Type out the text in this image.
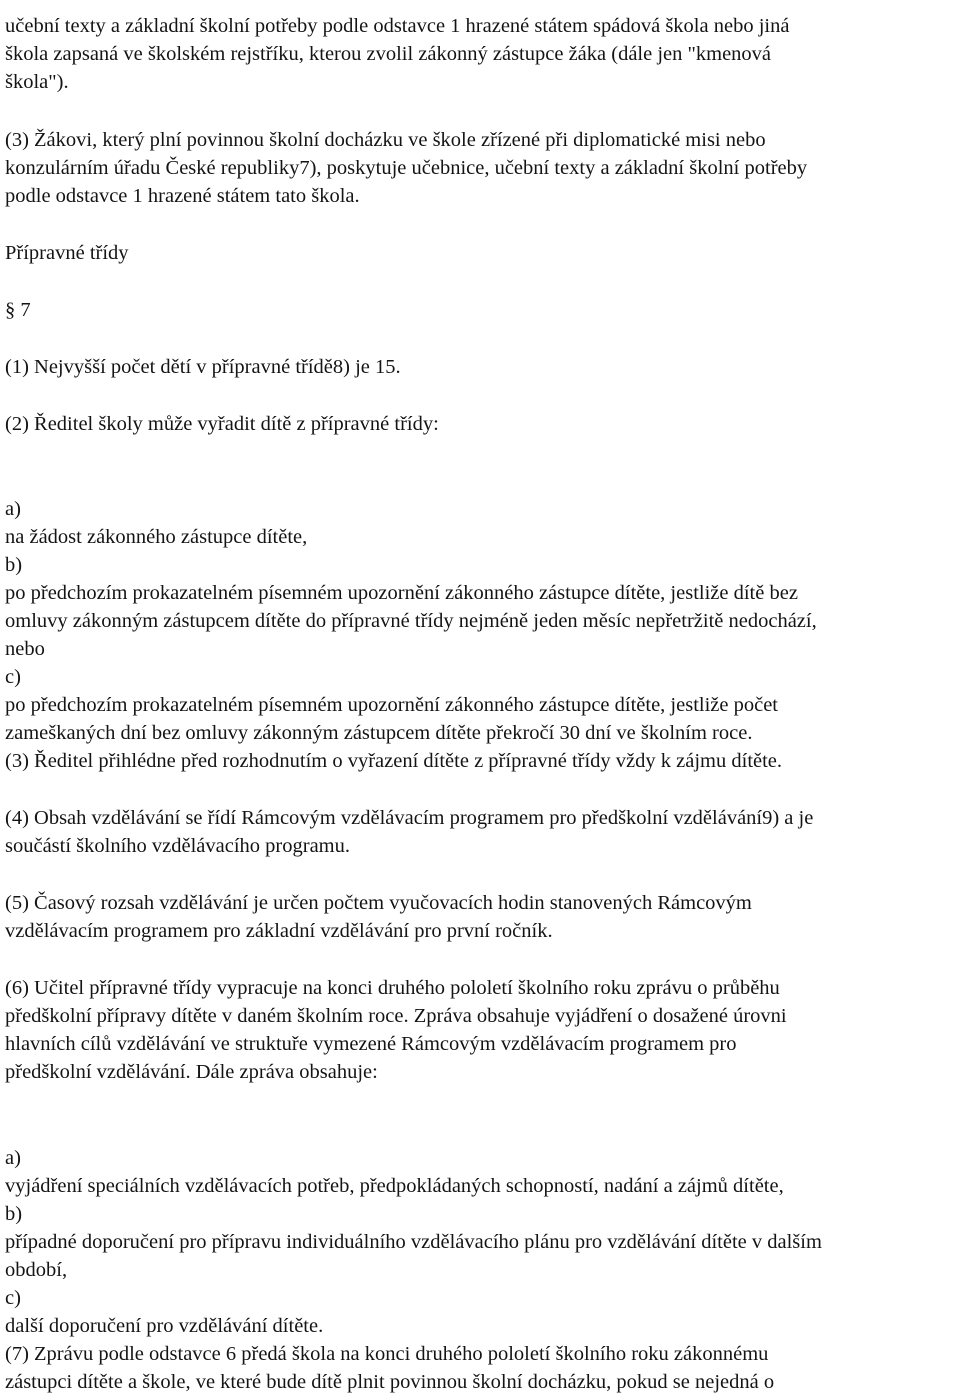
učební texty a základní školní potřeby podle odstavce 1 hrazené státem spádová škola nebo jiná
škola zapsaná ve školském rejstříku, kterou zvolil zákonný zástupce žáka (dále jen "kmenová
škola").
(3) Žákovi, který plní povinnou školní docházku ve škole zřízené při diplomatické misi nebo
konzulárním úřadu České republiky7), poskytuje učebnice, učební texty a základní školní potřeby
podle odstavce 1 hrazené státem tato škola.
Přípravné třídy
§ 7
(1) Nejvyšší počet dětí v přípravné třídě8) je 15.
(2) Ředitel školy může vyřadit dítě z přípravné třídy:
a)
na žádost zákonného zástupce dítěte,
b)
po předchozím prokazatelném písemném upozornění zákonného zástupce dítěte, jestliže dítě bez
omluvy zákonným zástupcem dítěte do přípravné třídy nejméně jeden měsíc nepřetržitě nedochází,
nebo
c)
po předchozím prokazatelném písemném upozornění zákonného zástupce dítěte, jestliže počet
zameškaných dní bez omluvy zákonným zástupcem dítěte překročí 30 dní ve školním roce.
(3) Ředitel přihlédne před rozhodnutím o vyřazení dítěte z přípravné třídy vždy k zájmu dítěte.
(4) Obsah vzdělávání se řídí Rámcovým vzdělávacím programem pro předškolní vzdělávání9) a je
součástí školního vzdělávacího programu.
(5) Časový rozsah vzdělávání je určen počtem vyučovacích hodin stanovených Rámcovým
vzdělávacím programem pro základní vzdělávání pro první ročník.
(6) Učitel přípravné třídy vypracuje na konci druhého pololetí školního roku zprávu o průběhu
předškolní přípravy dítěte v daném školním roce. Zpráva obsahuje vyjádření o dosažené úrovni
hlavních cílů vzdělávání ve struktuře vymezené Rámcovým vzdělávacím programem pro
předškolní vzdělávání. Dále zpráva obsahuje:
a)
vyjádření speciálních vzdělávacích potřeb, předpokládaných schopností, nadání a zájmů dítěte,
b)
případné doporučení pro přípravu individuálního vzdělávacího plánu pro vzdělávání dítěte v dalším
období,
c)
další doporučení pro vzdělávání dítěte.
(7) Zprávu podle odstavce 6 předá škola na konci druhého pololetí školního roku zákonnému
zástupci dítěte a škole, ve které bude dítě plnit povinnou školní docházku, pokud se nejedná o
